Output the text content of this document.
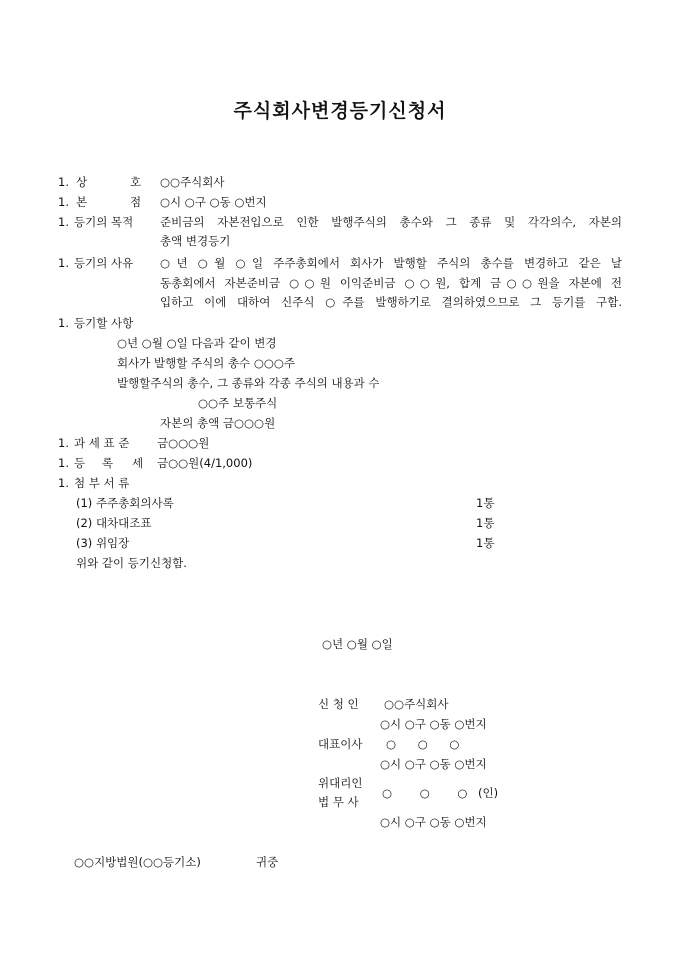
주식회사변경등기신청서
1. 상	호 ○○주식회사
1. 본	점 ○시 ○구 ○동 ○번지
1. 등기의 목적 준비금의 자본전입으로 인한 발행주식의 총수와 그 종류 및 각각의수, 자본의
총액 변경등기
1. 등기의 사유 ○년 ○월 ○일 주주총회에서 회사가 발행할 주식의 총수를 변경하고 같은 날
동총회에서 자본준비금 ○○원 이익준비금 ○○원, 합계 금○○원을 자본에 전
입하고 이에 대하여 신주식 ○주를 발행하기로 결의하였으므로 그 등기를 구함.
1. 등기할 사항
○년 ○월 ○일 다음과 같이 변경
회사가 발행할 주식의 총수 ○○○주
발행할주식의 총수, 그 종류와 각종 주식의 내용과 수
○○주 보통주식
자본의 총액 금○○○원
1. 과 세 표 준 금○○○원
1. 등 록 세 금○○원(4/1,000)
1. 첨 부 서 류
(1) 주주총회의사록	1통
(2) 대차대조표	1통
(3) 위임장	1통
위와 같이 등기신청함.
○년 ○월 ○일
신 청 인 ○○주식회사
○시 ○구 ○동 ○번지
대표이사 ○ ○ ○
○시 ○구 ○동 ○번지
위대리인
법 무 사
○ ○ ○ (인)
○시 ○구 ○동 ○번지
○○지방법원(○○등기소)	귀중
